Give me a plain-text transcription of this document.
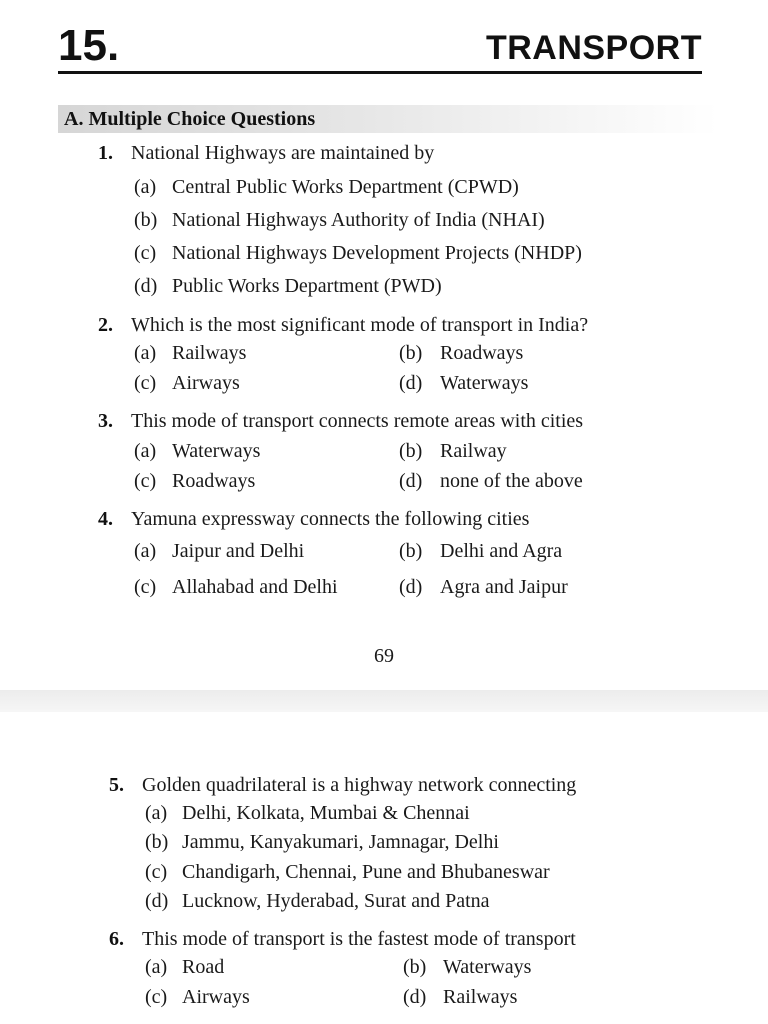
15.	TRANSPORT
A. Multiple Choice Questions
1. National Highways are maintained by
(a) Central Public Works Department (CPWD)
(b) National Highways Authority of India (NHAI)
(c) National Highways Development Projects (NHDP)
(d) Public Works Department (PWD)
2. Which is the most significant mode of transport in India?
(a) Railways	(b) Roadways
(c) Airways	(d) Waterways
3. This mode of transport connects remote areas with cities
(a) Waterways	(b) Railway
(c) Roadways	(d) none of the above
4. Yamuna expressway connects the following cities
(a) Jaipur and Delhi	(b) Delhi and Agra
(c) Allahabad and Delhi	(d) Agra and Jaipur
69
5. Golden quadrilateral is a highway network connecting
(a) Delhi, Kolkata, Mumbai & Chennai
(b) Jammu, Kanyakumari, Jamnagar, Delhi
(c) Chandigarh, Chennai, Pune and Bhubaneswar
(d) Lucknow, Hyderabad, Surat and Patna
6. This mode of transport is the fastest mode of transport
(a) Road	(b) Waterways
(c) Airways	(d) Railways
